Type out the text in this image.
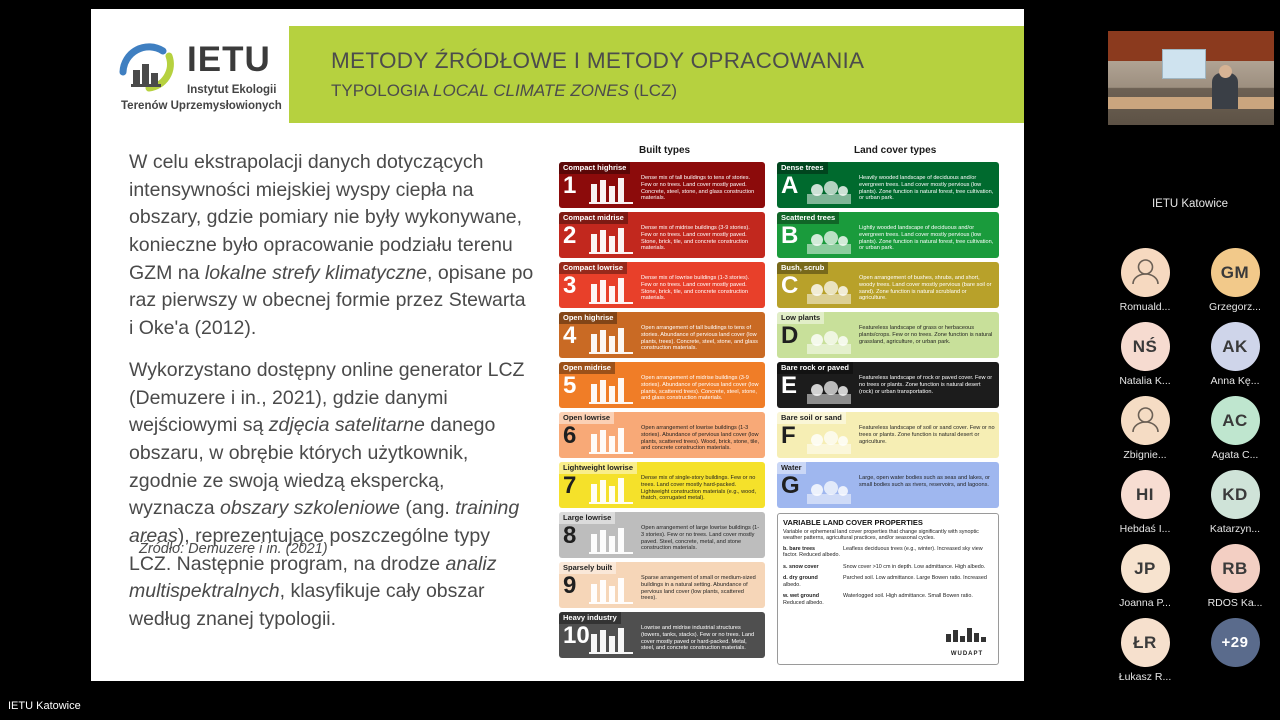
IETU
Instytut Ekologii
Terenów Uprzemysłowionych
METODY ŹRÓDŁOWE I METODY OPRACOWANIA
TYPOLOGIA LOCAL CLIMATE ZONES (LCZ)

W celu ekstrapolacji danych dotyczących intensywności miejskiej wyspy ciepła na obszary, gdzie pomiary nie były wykonywane, konieczne było opracowanie podziału terenu GZM na lokalne strefy klimatyczne, opisane po raz pierwszy w obecnej formie przez Stewarta i Oke'a (2012).

Wykorzystano dostępny online generator LCZ (Demuzere i in., 2021), gdzie danymi wejściowymi są zdjęcia satelitarne danego obszaru, w obrębie których użytkownik, zgodnie ze swoją wiedzą ekspercką, wyznacza obszary szkoleniowe (ang. training areas), reprezentujące poszczególne typy LCZ. Następnie program, na drodze analiz multispektralnych, klasyfikuje cały obszar według znanej typologii.

Built types	Land cover types
Compact highrise
1	Dense mix of tall buildings to tens of stories. Few or no trees. Land cover mostly paved. Concrete, steel, stone, and glass construction materials.
Compact midrise
2	Dense mix of midrise buildings (3-9 stories). Few or no trees. Land cover mostly paved. Stone, brick, tile, and concrete construction materials.
Compact lowrise
3	Dense mix of lowrise buildings (1-3 stories). Few or no trees. Land cover mostly paved. Stone, brick, tile, and concrete construction materials.
Open highrise
4	Open arrangement of tall buildings to tens of stories. Abundance of pervious land cover (low plants, trees). Concrete, steel, stone, and glass construction materials.
Open midrise
5	Open arrangement of midrise buildings (3-9 stories). Abundance of pervious land cover (low plants, scattered trees). Concrete, steel, stone, and glass construction materials.
Open lowrise
6	Open arrangement of lowrise buildings (1-3 stories). Abundance of pervious land cover (low plants, scattered trees). Wood, brick, stone, tile, and concrete construction materials.
Lightweight lowrise
7	Dense mix of single-story buildings. Few or no trees. Land cover mostly hard-packed. Lightweight construction materials (e.g., wood, thatch, corrugated metal).
Large lowrise
8	Open arrangement of large lowrise buildings (1-3 stories). Few or no trees. Land cover mostly paved. Steel, concrete, metal, and stone construction materials.
Sparsely built
9	Sparse arrangement of small or medium-sized buildings in a natural setting. Abundance of pervious land cover (low plants, scattered trees).
Heavy industry
10	Lowrise and midrise industrial structures (towers, tanks, stacks). Few or no trees. Land cover mostly paved or hard-packed. Metal, steel, and concrete construction materials.
Dense trees
A	Heavily wooded landscape of deciduous and/or evergreen trees. Land cover mostly pervious (low plants). Zone function is natural forest, tree cultivation, or urban park.
Scattered trees
B	Lightly wooded landscape of deciduous and/or evergreen trees. Land cover mostly pervious (low plants). Zone function is natural forest, tree cultivation, or urban park.
Bush, scrub
C	Open arrangement of bushes, shrubs, and short, woody trees. Land cover mostly pervious (bare soil or sand). Zone function is natural scrubland or agriculture.
Low plants
D	Featureless landscape of grass or herbaceous plants/crops. Few or no trees. Zone function is natural grassland, agriculture, or urban park.
Bare rock or paved
E	Featureless landscape of rock or paved cover. Few or no trees or plants. Zone function is natural desert (rock) or urban transportation.
Bare soil or sand
F	Featureless landscape of soil or sand cover. Few or no trees or plants. Zone function is natural desert or agriculture.
Water
G	Large, open water bodies such as seas and lakes, or small bodies such as rivers, reservoirs, and lagoons.
VARIABLE LAND COVER PROPERTIES
Variable or ephemeral land cover properties that change significantly with synoptic weather patterns, agricultural practices, and/or seasonal cycles.
b. bare trees	Leafless deciduous trees (e.g., winter). Increased sky view factor. Reduced albedo.
s. snow cover	Snow cover >10 cm in depth. Low admittance. High albedo.
d. dry ground	Parched soil. Low admittance. Large Bowen ratio. Increased albedo.
w. wet ground	Waterlogged soil. High admittance. Small Bowen ratio. Reduced albedo.
WUDAPT
Źródło: Demuzere i in. (2021)
IETU Katowice
IETU Katowice
Romuald...
GM
Grzegorz...
NŚ
Natalia K...
AK
Anna Kę...
Zbignie...
AC
Agata C...
HI
Hebdaś I...
KD
Katarzyn...
JP
Joanna P...
RB
RDOS Ka...
ŁR
Łukasz R...
+29
